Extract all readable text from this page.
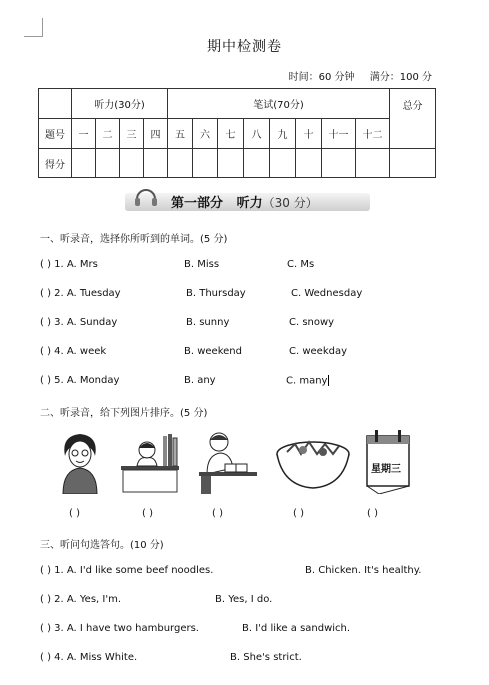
期中检测卷
时间：60 分钟 满分：100 分
	听力(30分)				笔试(70分)								总分
题号	一	二	三	四	五	六	七	八	九	十	十一	十二	
得分													
第一部分 听力（30 分）
一、听录音，选择你所听到的单词。(5 分)
( ) 1. A. Mrs	B. Miss	C. Ms
( ) 2. A. Tuesday	B. Thursday	C. Wednesday
( ) 3. A. Sunday	B. sunny	C. snowy
( ) 4. A. week	B. weekend	C. weekday
( ) 5. A. Monday	B. any	C. many
二、听录音，给下列图片排序。(5 分)
星期三
( )	( )	( )	( )	( )
三、听问句选答句。(10 分)
( ) 1. A. I'd like some beef noodles.	B. Chicken. It's healthy.
( ) 2. A. Yes, I'm.	B. Yes, I do.
( ) 3. A. I have two hamburgers.	B. I'd like a sandwich.
( ) 4. A. Miss White.	B. She's strict.
